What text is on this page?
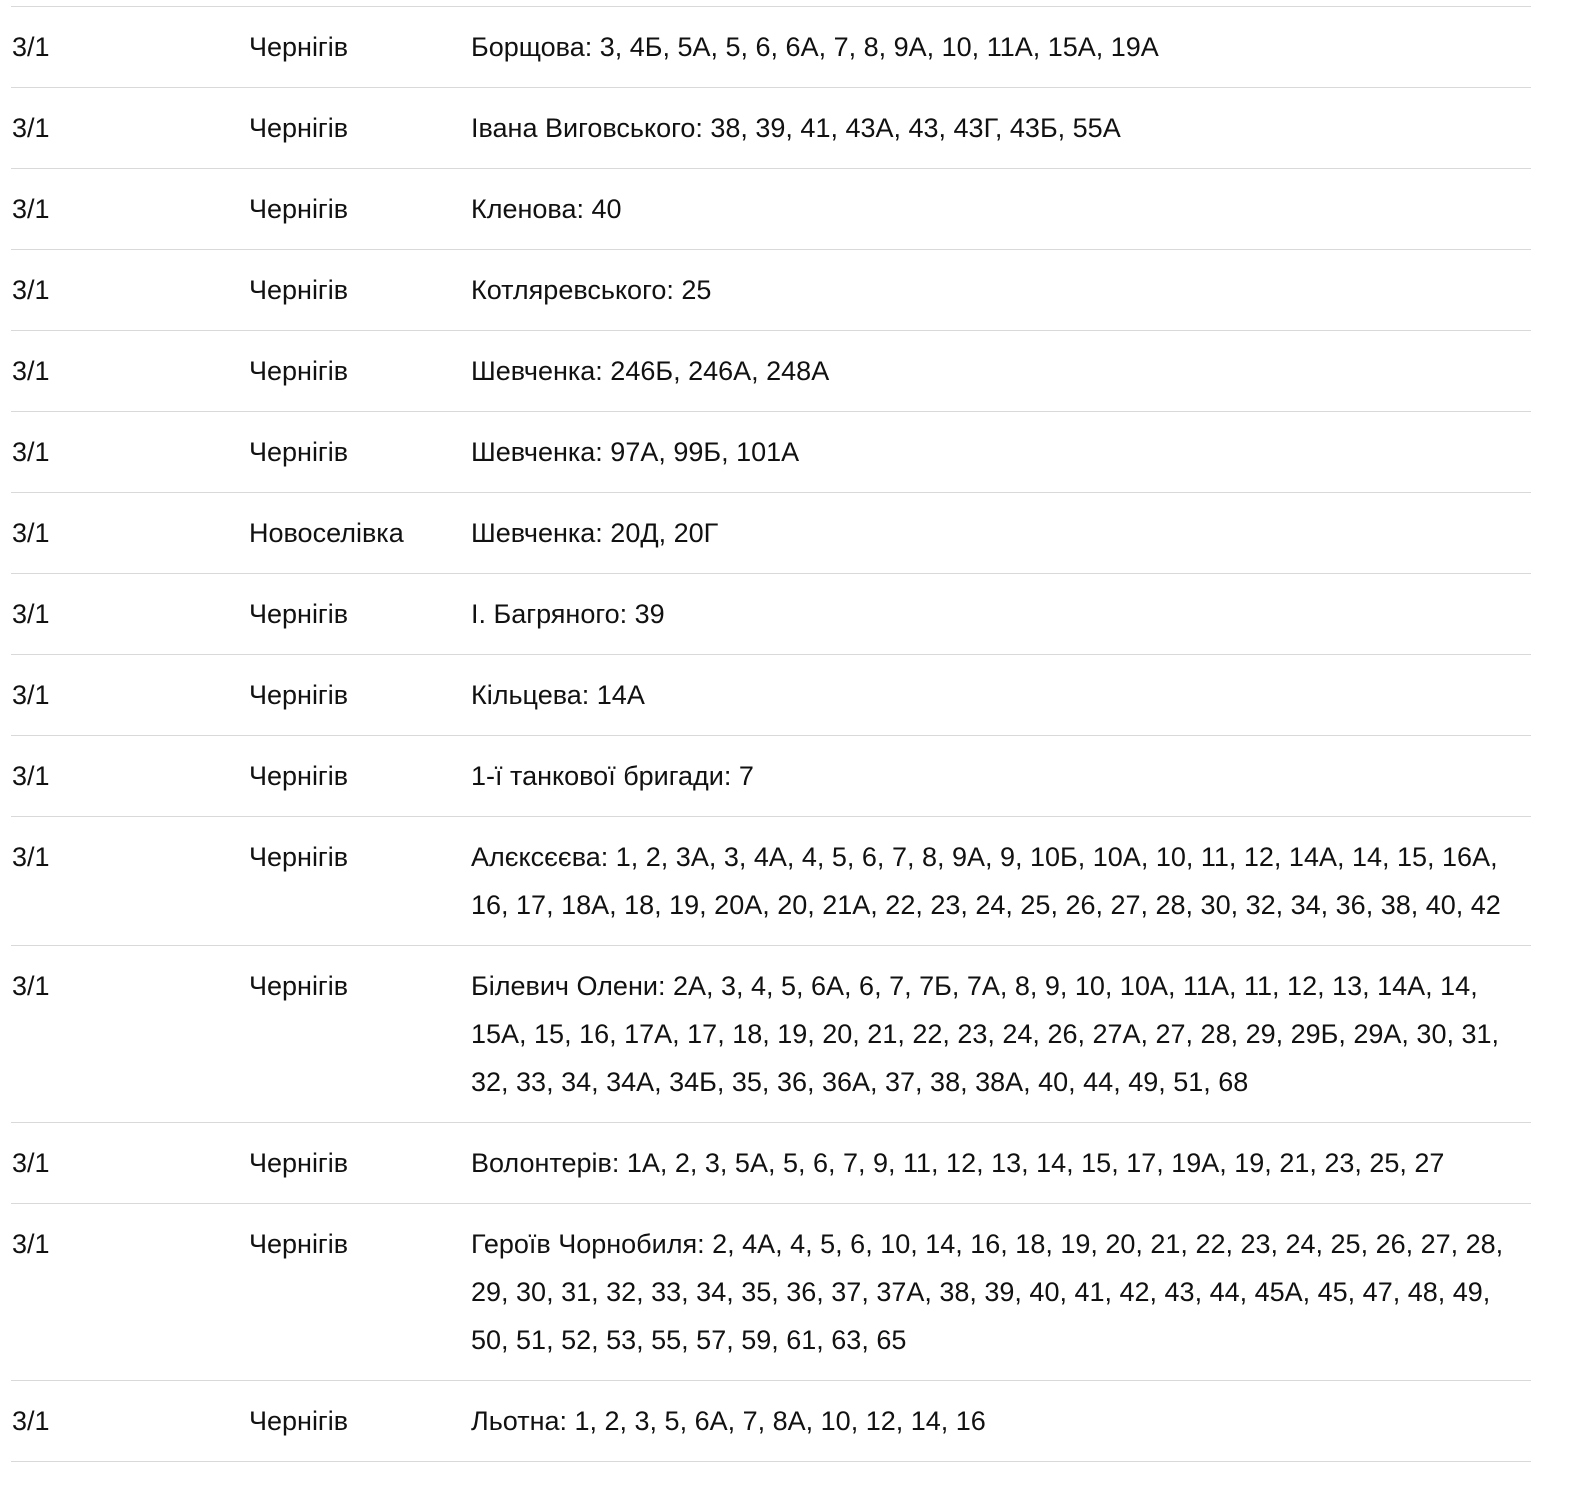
3/1	Чернігів	Борщова: 3, 4Б, 5А, 5, 6, 6А, 7, 8, 9А, 10, 11А, 15А, 19А
3/1	Чернігів	Івана Виговського: 38, 39, 41, 43А, 43, 43Г, 43Б, 55А
3/1	Чернігів	Кленова: 40
3/1	Чернігів	Котляревського: 25
3/1	Чернігів	Шевченка: 246Б, 246А, 248А
3/1	Чернігів	Шевченка: 97А, 99Б, 101А
3/1	Новоселівка	Шевченка: 20Д, 20Г
3/1	Чернігів	І. Багряного: 39
3/1	Чернігів	Кільцева: 14А
3/1	Чернігів	1-ї танкової бригади: 7
3/1	Чернігів	Алєксєєва: 1, 2, 3А, 3, 4А, 4, 5, 6, 7, 8, 9А, 9, 10Б, 10А, 10, 11, 12, 14А, 14, 15, 16А, 16, 17, 18А, 18, 19, 20А, 20, 21А, 22, 23, 24, 25, 26, 27, 28, 30, 32, 34, 36, 38, 40, 42
3/1	Чернігів	Білевич Олени: 2А, 3, 4, 5, 6А, 6, 7, 7Б, 7А, 8, 9, 10, 10А, 11А, 11, 12, 13, 14А, 14, 15А, 15, 16, 17А, 17, 18, 19, 20, 21, 22, 23, 24, 26, 27А, 27, 28, 29, 29Б, 29А, 30, 31, 32, 33, 34, 34А, 34Б, 35, 36, 36А, 37, 38, 38А, 40, 44, 49, 51, 68
3/1	Чернігів	Волонтерів: 1А, 2, 3, 5А, 5, 6, 7, 9, 11, 12, 13, 14, 15, 17, 19А, 19, 21, 23, 25, 27
3/1	Чернігів	Героїв Чорнобиля: 2, 4А, 4, 5, 6, 10, 14, 16, 18, 19, 20, 21, 22, 23, 24, 25, 26, 27, 28, 29, 30, 31, 32, 33, 34, 35, 36, 37, 37А, 38, 39, 40, 41, 42, 43, 44, 45А, 45, 47, 48, 49, 50, 51, 52, 53, 55, 57, 59, 61, 63, 65
3/1	Чернігів	Льотна: 1, 2, 3, 5, 6А, 7, 8А, 10, 12, 14, 16
